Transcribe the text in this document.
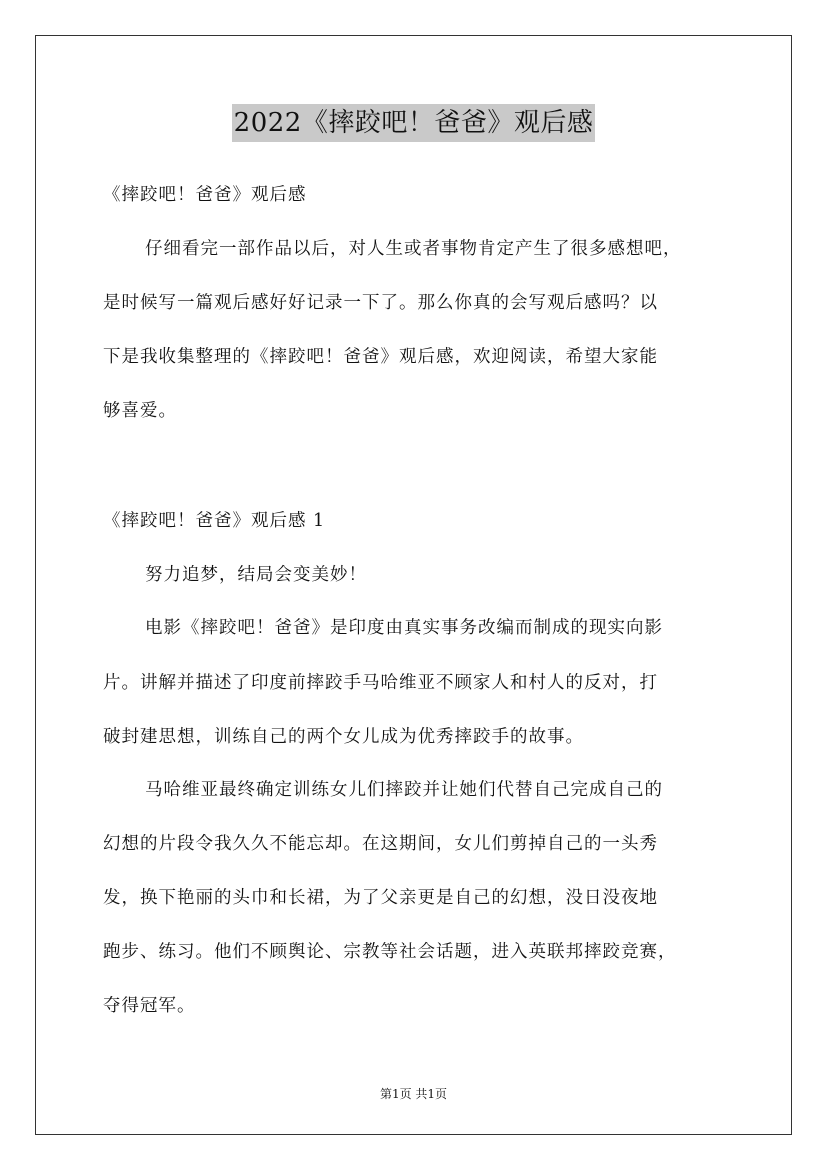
2022《摔跤吧！爸爸》观后感
《摔跤吧！爸爸》观后感
仔细看完一部作品以后，对人生或者事物肯定产生了很多感想吧，
是时候写一篇观后感好好记录一下了。那么你真的会写观后感吗？以
下是我收集整理的《摔跤吧！爸爸》观后感，欢迎阅读，希望大家能
够喜爱。
《摔跤吧！爸爸》观后感 1
努力追梦，结局会变美妙！
电影《摔跤吧！爸爸》是印度由真实事务改编而制成的现实向影
片。讲解并描述了印度前摔跤手马哈维亚不顾家人和村人的反对，打
破封建思想，训练自己的两个女儿成为优秀摔跤手的故事。
马哈维亚最终确定训练女儿们摔跤并让她们代替自己完成自己的
幻想的片段令我久久不能忘却。在这期间，女儿们剪掉自己的一头秀
发，换下艳丽的头巾和长裙，为了父亲更是自己的幻想，没日没夜地
跑步、练习。他们不顾舆论、宗教等社会话题，进入英联邦摔跤竞赛，
夺得冠军。
第1页 共1页
